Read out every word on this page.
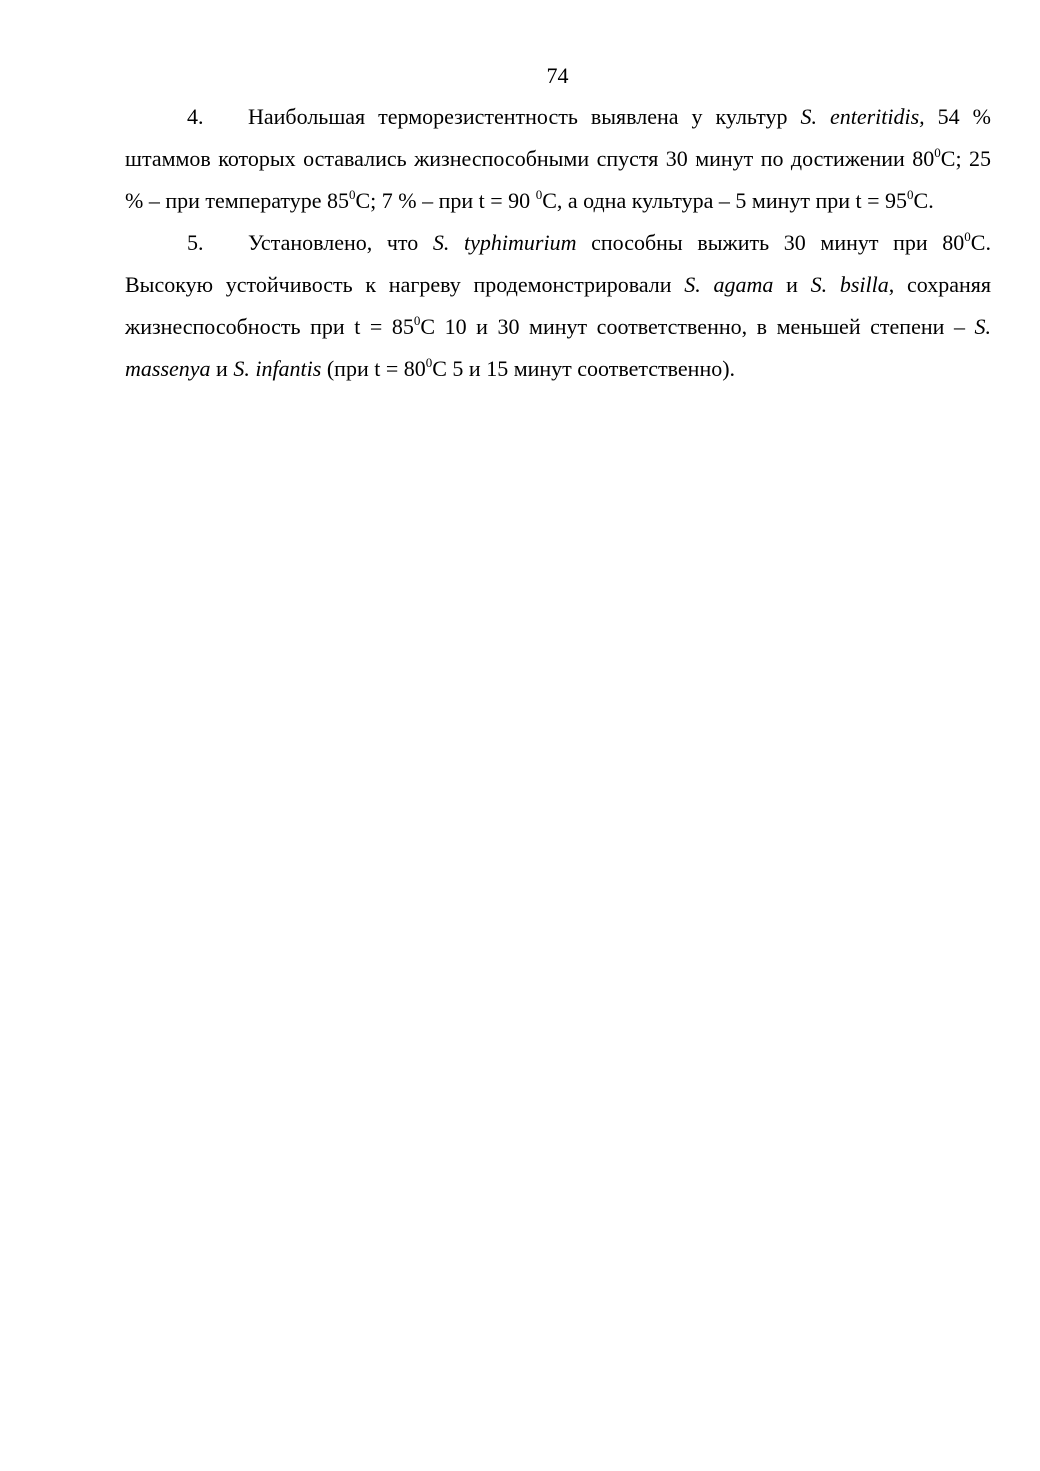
74

4. Наибольшая терморезистентность выявлена у культур S. enteritidis, 54 % штаммов которых оставались жизнеспособными спустя 30 минут по достижении $80^0С$; 25 % – при температуре $85^0С$; 7 % – при t = 90 $^0$С, а одна культура – 5 минут при $t = 95^0С$.

5. Установлено, что S. typhimurium способны выжить 30 минут при $80^0С$. Высокую устойчивость к нагреву продемонстрировали S. agama и S. bsilla, сохраняя жизнеспособность при $t = 85^0С$ 10 и 30 минут соответственно, в меньшей степени – S. massenya и S. infantis (при $t = 80^0С$ 5 и 15 минут соответственно).
